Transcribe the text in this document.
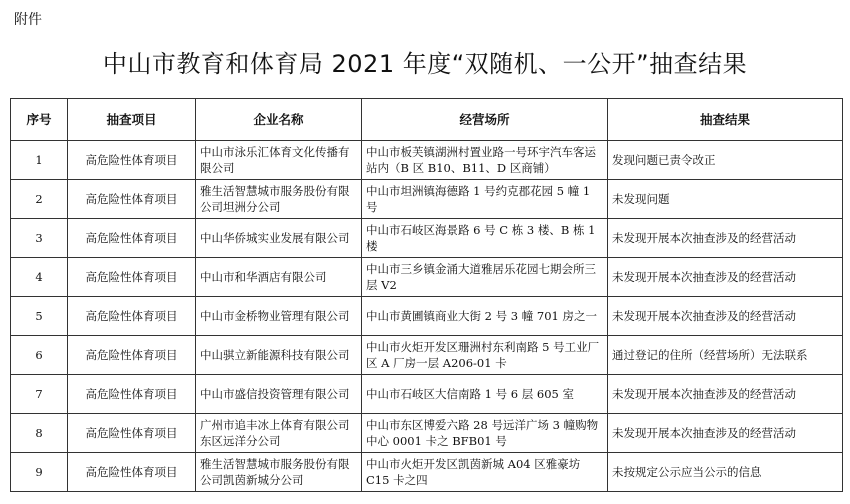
附件
中山市教育和体育局 2021 年度“双随机、一公开”抽查结果
序号	抽查项目	企业名称	经营场所	抽查结果
1	高危险性体育项目	中山市泳乐汇体育文化传播有限公司	中山市板芙镇湖洲村置业路一号环宇汽车客运站内（B 区 B10、B11、D 区商铺）	发现问题已责令改正
2	高危险性体育项目	雅生活智慧城市服务股份有限公司坦洲分公司	中山市坦洲镇海德路 1 号约克郡花园 5 幢 1 号	未发现问题
3	高危险性体育项目	中山华侨城实业发展有限公司	中山市石岐区海景路 6 号 C 栋 3 楼、B 栋 1 楼	未发现开展本次抽查涉及的经营活动
4	高危险性体育项目	中山市和华酒店有限公司	中山市三乡镇金涌大道雅居乐花园七期会所三层 V2	未发现开展本次抽查涉及的经营活动
5	高危险性体育项目	中山市金桥物业管理有限公司	中山市黄圃镇商业大街 2 号 3 幢 701 房之一	未发现开展本次抽查涉及的经营活动
6	高危险性体育项目	中山骐立新能源科技有限公司	中山市火炬开发区珊洲村东利南路 5 号工业厂区 A 厂房一层 A206-01 卡	通过登记的住所（经营场所）无法联系
7	高危险性体育项目	中山市盛信投资管理有限公司	中山市石岐区大信南路 1 号 6 层 605 室	未发现开展本次抽查涉及的经营活动
8	高危险性体育项目	广州市追丰冰上体育有限公司东区远洋分公司	中山市东区博爱六路 28 号远洋广场 3 幢购物中心 0001 卡之 BFB01 号	未发现开展本次抽查涉及的经营活动
9	高危险性体育项目	雅生活智慧城市服务股份有限公司凯茵新城分公司	中山市火炬开发区凯茵新城 A04 区雅豪坊 C15 卡之四	未按规定公示应当公示的信息
